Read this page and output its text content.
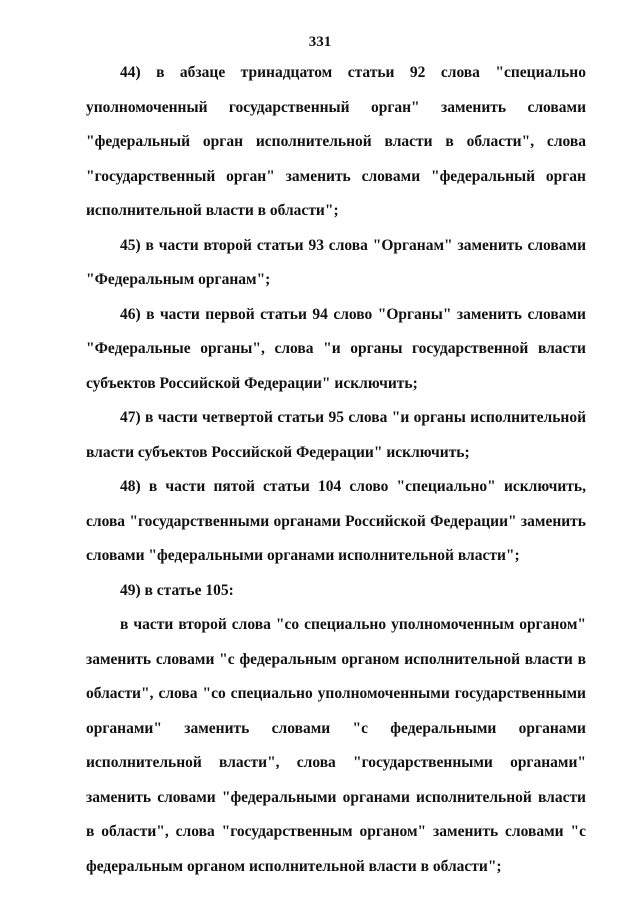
331

44) в абзаце тринадцатом статьи 92 слова "специально уполномоченный государственный орган" заменить словами "федеральный орган исполнительной власти в области", слова "государственный орган" заменить словами "федеральный орган исполнительной власти в области";

45) в части второй статьи 93 слова "Органам" заменить словами "Федеральным органам";

46) в части первой статьи 94 слово "Органы" заменить словами "Федеральные органы", слова "и органы государственной власти субъектов Российской Федерации" исключить;

47) в части четвертой статьи 95 слова "и органы исполнительной власти субъектов Российской Федерации" исключить;

48) в части пятой статьи 104 слово "специально" исключить, слова "государственными органами Российской Федерации" заменить словами "федеральными органами исполнительной власти";

49) в статье 105:

в части второй слова "со специально уполномоченным органом" заменить словами "с федеральным органом исполнительной власти в области", слова "со специально уполномоченными государственными органами" заменить словами "с федеральными органами исполнительной власти", слова "государственными органами" заменить словами "федеральными органами исполнительной власти в области", слова "государственным органом" заменить словами "с федеральным органом исполнительной власти в области";
